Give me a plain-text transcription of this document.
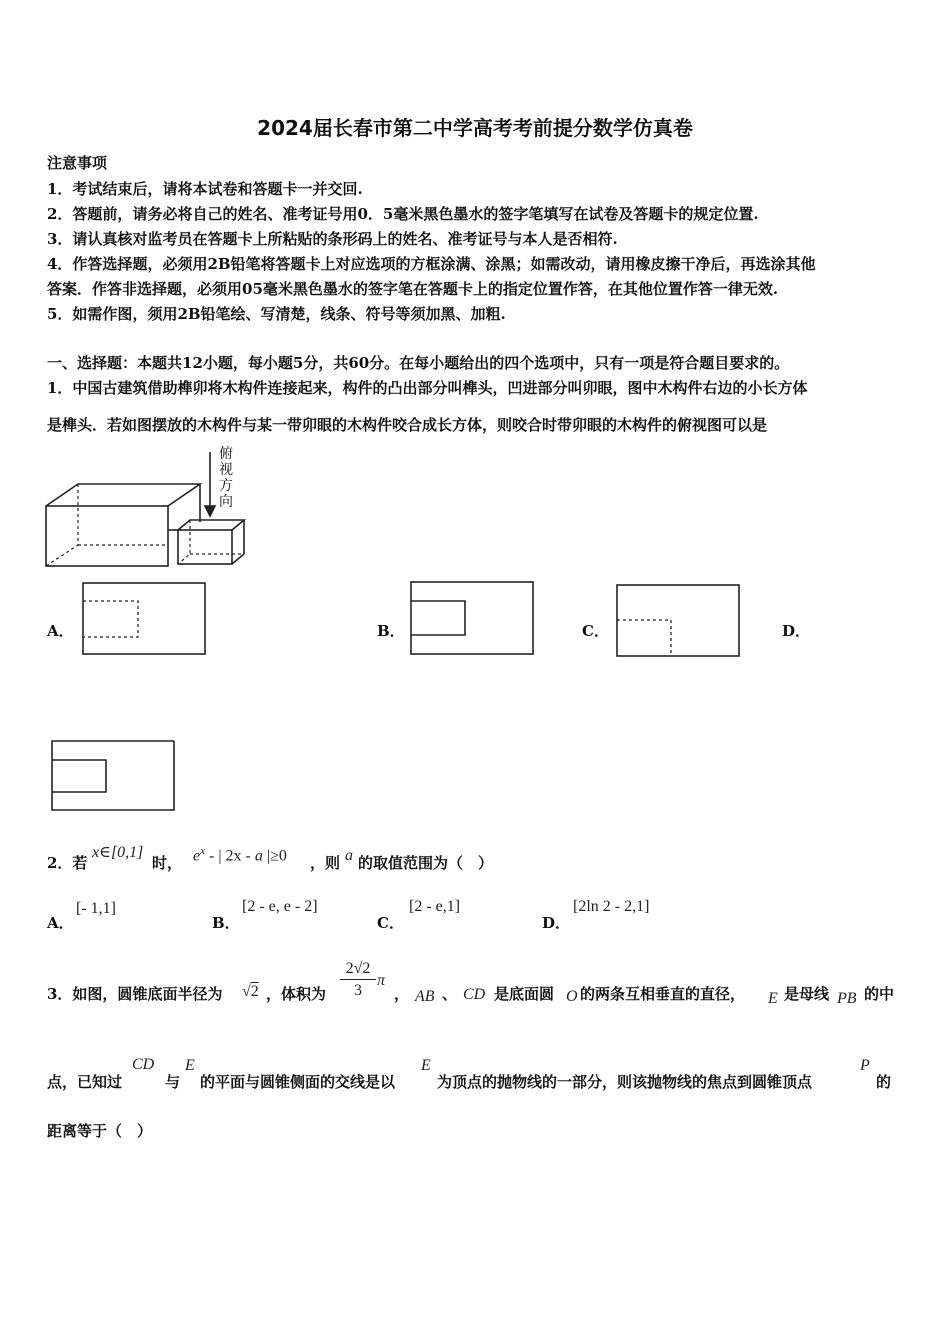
2024届长春市第二中学高考考前提分数学仿真卷
注意事项
1．考试结束后，请将本试卷和答题卡一并交回.
2．答题前，请务必将自己的姓名、准考证号用0．5毫米黑色墨水的签字笔填写在试卷及答题卡的规定位置.
3．请认真核对监考员在答题卡上所粘贴的条形码上的姓名、准考证号与本人是否相符.
4．作答选择题，必须用2B铅笔将答题卡上对应选项的方框涂满、涂黑；如需改动，请用橡皮擦干净后，再选涂其他
答案．作答非选择题，必须用05毫米黑色墨水的签字笔在答题卡上的指定位置作答，在其他位置作答一律无效.
5．如需作图，须用2B铅笔绘、写清楚，线条、符号等须加黑、加粗.
一、选择题：本题共12小题，每小题5分，共60分。在每小题给出的四个选项中，只有一项是符合题目要求的。
1．中国古建筑借助榫卯将木构件连接起来，构件的凸出部分叫榫头，凹进部分叫卯眼，图中木构件右边的小长方体
是榫头．若如图摆放的木构件与某一带卯眼的木构件咬合成长方体，则咬合时带卯眼的木构件的俯视图可以是
俯
视
方
向
A．	B．	C．	D．
2．若
x∈[0,1]
时， $e^x$ - | 2x - a |≥0 ，则 a 的取值范围为（　）
A．
[- 1,1]
B．
[2 - e, e - 2]
C．
[2 - e,1]
D．
[2ln 2 - 2,1]
3．如图，圆锥底面半径为 √2 ，体积为 $\frac{2√2}{3}$ π
， AB 、 CD 是底面圆 O 的两条互相垂直的直径， E 是母线 PB 的中
点，已知过
CD
与
E
的平面与圆锥侧面的交线是以
E
为顶点的抛物线的一部分，则该抛物线的焦点到圆锥顶点
P
的
距离等于（　）
